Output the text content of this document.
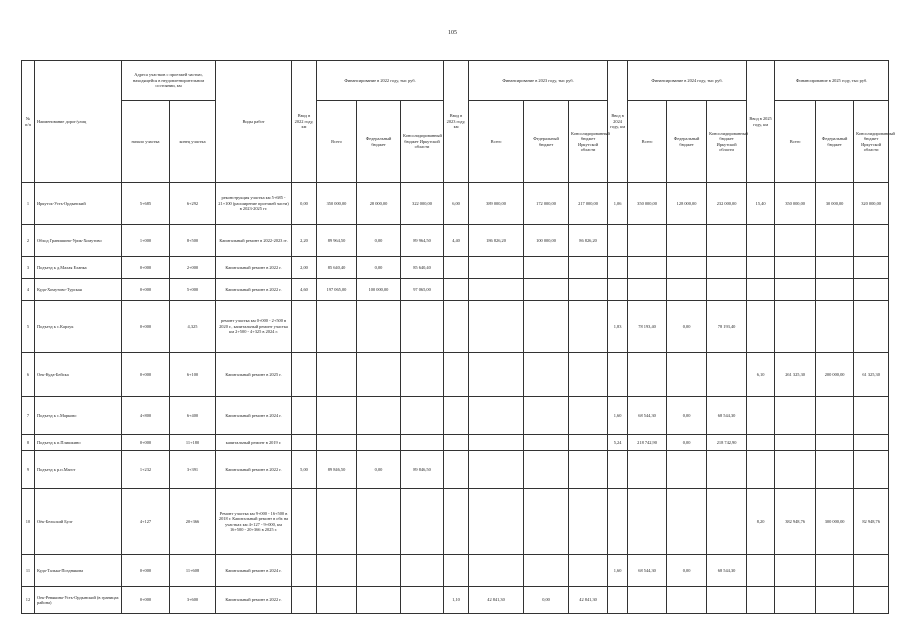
105
№ п/п	Наименование дорог/улиц	Адреса участков с проезжей частью, находящейся в неудовлетворительном состоянии, км		Виды работ	Ввод в 2022 году, км	Финансирование в 2022 году, тыс руб.			Ввод в 2023 году, км	Финансирование в 2023 году, тыс руб.			Ввод в 2024 году, км	Финансирование в 2024 году, тыс руб.			Ввод в 2025 году, км	Финансирование в 2025 году, тыс руб.		
		начало участка	конец участка			Всего	Федеральный бюджет	Консолидированный бюджет Иркутской области		Всего	Федеральный бюджет	Консолидированный бюджет Иркутской области		Всего	Федеральный бюджет	Консолидированный бюджет Иркутской области		Всего	Федеральный бюджет	Консолидированный бюджет Иркутской области
1	Иркутск-Усть-Ордынский	5+685	6+292	реконструкция участка км 5+685 - 21+100 (расширение проезжей части) в 2023-2025 гг.	0,00	350 000,00	28 000,00	322 000,00	6,00	389 000,00	172 000,00	217 000,00	1,06	350 000,00	128 000,00	232 000,00	15,40	350 000,00	30 000,00	320 000,00
2	Обход Гранишино-Урик-Хомутово	1+000	8+500	Капитальный ремонт в 2022-2023 гг.	2,20	89 964,50	0,00	89 964,50	4,40	186 826,20	100 000,00	86 826,20								
3	Подъезд к д.Малая Еланка	0+000	2+000	Капитальный ремонт в 2022 г.	2,00	85 640,40	0,00	85 640,40												
4	Куда-Хомутово-Турская	0+000	5+000	Капитальный ремонт в 2022 г.	4,60	197 065,00	100 000,00	97 065,00												
5	Подъезд к с.Карлук	0+000	4,325	ремонт участка км 0+000 - 2+500 в 2020 г., капитальный ремонт участка км 2+500 - 4+325 в 2024 г.									1,83	78 193,40	0,00	78 193,40				
6	Оек-Куда-Бейска	0+000	6+100	Капитальный ремонт в 2025 г.													6,10	261 325,30	200 000,00	61 325,30
7	Подъезд к с.Марково	4+800	6+400	Капитальный ремонт в 2024 г.									1,60	68 544,30	0,00	68 544,30				
8	Подъезд к п.Плишкино	0+000	11+180	капитальный ремонт в 2019 г.									5,24	218 742,90	0,00	218 742,90				
9	Подъезд к р.п.Магот	1+232	3+391	Капитальный ремонт в 2022 г.	5,00	89 846,50	0,00	89 846,50												
10	Оёк-Бельский Булг	4+127	20+366	Ремонт участка км 9+000 - 16+500 в 2018 г. Капитальный ремонт в обх на участках км 4+127 - 9+000, км 16+500 - 20+366 в 2025 г.													8,20	382 948,76	300 000,00	82 948,76
11	Куда-Талька-Позднякова	0+000	11+608	Капитальный ремонт в 2024 г.									1,60	68 544,30	0,00	68 544,30				
12	Оек-Ревякина-Усть-Ордынский (в границах района)	0+000	3+600	Капитальный ремонт в 2022 г.					1,10	42 841,30	0,00	42 841,30								
